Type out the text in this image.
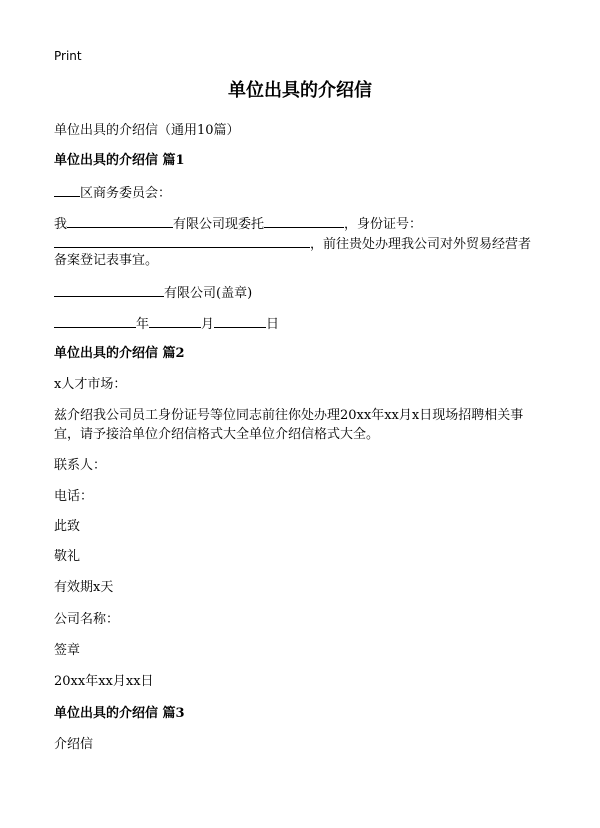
Print
单位出具的介绍信
单位出具的介绍信（通用10篇）
单位出具的介绍信 篇1
区商务委员会：
我	有限公司现委托	，身份证号：
，前往贵处办理我公司对外贸易经营者
备案登记表事宜。
有限公司(盖章)
年	月	日
单位出具的介绍信 篇2
x人才市场：
兹介绍我公司员工身份证号等位同志前往你处办理20xx年xx月x日现场招聘相关事
宜，请予接洽单位介绍信格式大全单位介绍信格式大全。
联系人：
电话：
此致
敬礼
有效期x天
公司名称：
签章
20xx年xx月xx日
单位出具的介绍信 篇3
介绍信
